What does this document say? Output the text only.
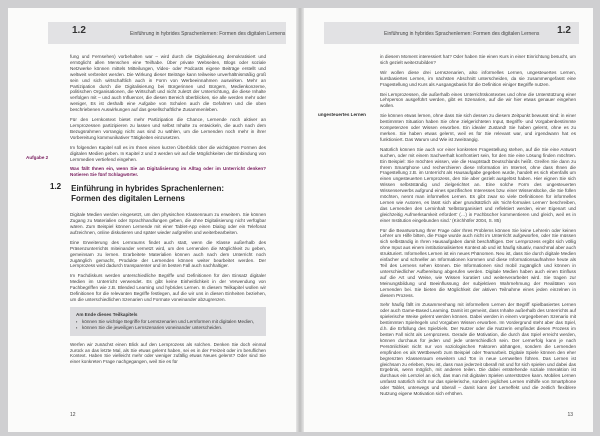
1.2	Einführung in hybrides Sprachenlernen: Formen des digitalen Lernens

fung und Fernsehen) vorbehalten war – wird durch die Digitalisierung demokratisiert und ermöglicht allen Menschen eine Teilhabe. Über private Webseiten, Blogs oder soziale Netzwerke können mittels Mitteilungen, Video- oder Podcasts eigene Beiträge erstellt und weltweit verbreitet werden. Die Wirkung dieser Beiträge kann teilweise unverhältnismäßig groß sein und sich wirtschaftlich auch in Form von Werbeeinnahmen auswirken. Mehr an Partizipation durch die Digitalisierung bei Bürgerinnen und Bürgern, Medienkonzerne, politischen Organisationen, die Wirtschaft und nicht zuletzt der Unterrichtung, die diese Inhalte verfolgen mit – und auch Influencer, die diesen Bereich überblicken, sie alle werden mehr oder weniger, Es ist deshalb eine Aufgabe von Schulen auch die Gefahren und die oben beschriebenen Auswirkungen auf das gesellschaftliche Zusammenleben.

Für den Lernkontext bietet mehr Partizipation die Chance, Lernende noch aktiver an Lernprozessen partizipieren zu lassen und selbst Inhalte zu entwickeln, die auch nach dem Bezugsrahmen vorrangig nicht aus sind zu wählen, um die Lernenden noch mehr in ihrer Vorbereitung kommunikativer Tätigkeiten einzusetzen.

Im folgenden Kapitel soll es im Ihnen einen kurzen Überblick über die wichtigsten Formen des digitalen Medien geben. In Kapitel 2 und 3 werden wir auf die Möglichkeiten der Einbindung von Lernmedien vertiefend eingehen.

Was fällt Ihnen ein, wenn Sie an Digitalisierung im Alltag oder im Unterricht denken? Notieren Sie fünf Schlagwörter.

1.2 Einführung in hybrides Sprachenlernen:
Formen des digitalen Lernens

Digitale Medien werden eingesetzt, um den physischen Klassenraum zu erweitern. Sie können Zugang zu Materialien oder Sprachhandlungen geben, die ohne Digitalisierung nicht verfügbar wären. Zum Beispiel können Lernende mit einer Tablet-App einen Dialog oder ein Telefonat aufzeichnen, online diskutieren und später wieder aufgreifen und weiterbearbeiten.

Eine Erweiterung des Lernraums findet auch statt, wenn die Klasse außerhalb des Präsenzunterrichts miteinander vernetzt wird, um den Lernenden die Möglichkeit zu geben, gemeinsam zu lernen. Erarbeitete Materialien können auch nach dem Unterricht noch zugänglich gemacht, Produkte der Lernenden können weiter bearbeitet werden. Der Lernprozess wird dadurch transparenter und im besten Fall auch nachhaltiger.

Im Fachdiskurs werden unterschiedliche Begriffe und Definitionen für den Einsatz digitaler Medien im Unterricht verwendet. Es gibt keine Einheitlichkeit in der Verwendung von Fachbegriffen wie z.B. Blended Learning und hybrides Lernen. In diesem Teilkapitel wollen wir Definitionen für die relevanten Begriffe festlegen, auf die wir uns in diesen Einheiten beziehen, um die unterschiedlichen Szenarien und Formate voneinander abzugrenzen.

Am Ende dieses Teilkapitels
▪ können Sie wichtige Begriffe für Lernszenarien und Lernformen mit digitalen Medien,
▪ können Sie die jeweiligen Lernszenarien voneinander unterscheiden.

Werfen wir zunächst einen Blick auf den Lernprozess als solchen. Denken Sie doch einmal zurück an das letzte Mal, als Sie etwas gelernt haben, sei es in der Freizeit oder im beruflichen Kontext. Haben Sie vielleicht mehr oder weniger zufällig etwas Neues gelernt? Oder sind Sie einer konkreten Frage nachgegangen, weil Sie es für

Aufgabe 2
12
Einführung in hybrides Sprachenlernen: Formen des digitalen Lernens 1.2

in diesem Moment interessiert hat? Oder haben Sie einen Kurs in einer Einrichtung besucht, um sich gezielt weiterzubilden?

Wir wollen diese drei Lernszenarien, also informelles Lernen, ungesteuertes Lernen, kursbasiertes Lernen, im nächsten Abschnitt unterscheiden, da sie zusammengefasst eine Fragestellung und Kurs als Ausgangsbasis für die Definition einiger Begriffe nutzen.

Bei Lernprozessen, die außerhalb eines Unterrichtskontextes und ohne die Unterstützung einer Lehrperson ausgeführt werden, gibt es Szenarien, auf die wir hier etwas genauer eingehen wollen.

Sie können etwas lernen, ohne dass Sie sich dessen zu diesem Zeitpunkt bewusst sind: in einer bestimmten Situation haben Sie ohne zielgerichteten Input, Begriffs- und Vorgabenbestimmte Kompetenzen oder Wissen erworben. Ein idealer Zustand! Sie haben gelernt, ohne es zu merken. Sie haben etwas gelernt, weil es für Sie relevant war, und irgendwann hat es funktioniert. Das Warum und Wie ist zweitrangig.

Natürlich können Sie auch vor einer konkreten Fragestellung stehen, auf die Sie eine Antwort suchen, oder mit einem Sachverhalt konfrontiert sein, für den Sie eine Lösung finden möchten. Ein Beispiel: Sie möchten wissen, wie die Hauptstadt Deutschlands heißt. Greifen Sie dann zu Ihrem Smartphone und recherchieren diese Information im Internet, ohne dass Ihnen die Fragestellung z.B. im Unterricht als Hausaufgabe gegeben wurde, handelt es sich ebenfalls um einen ungesteuerten Lernprozess, den Sie aber gezielt ausgelöst haben. Hier eignen Sie sich Wissen selbstständig und zielgerichtet an. Eine solche Form des ungesteuerten Wissenserwerbs aufgrund eines spezifischen Interesses bzw. einer Wissenslücke, die Sie füllen möchten, nennt man informelles Lernen. Es gibt zwar so viele Definitionen für informelles Lernen wie Autoren, es lässt sich aber grundsätzlich als 'nicht-formales Lernen' beschreiben, das Lernenden den Lerninhalt 'selbstorganisiert und reflektiert werden, einer Eigenart und gleichzeitig Aufmerksamkeit erfordert' (…) in Fachbücher kommentieren und gleich, weil es in einer Institution eingebunden sind.' (Kirchhöfer 2004, S. 85)

Für die Beantwortung Ihrer Frage oder Ihres Problems können Sie keine Lehrerin oder keinen Lehrer um Hilfe bitten, die Frage wurde auch nicht im Unterricht aufgeworfen, oder Sie müssen sich selbständig in Ihren Hausaufgaben damit beschäftigen. Der Lernprozess ergibt sich völlig ohne Input aus einem institutionalisierten Kontext ab und ist häufig situativ, manchmal aber auch strukturiert. Informelles Lernen ist ein neues Phänomen. Neu ist, dass Sie durch digitale Medien einfacher und schneller an Informationen kommen und diese Informationsaufnahme heute als Teil des Lernens sehen können. Die Informationen sind mobil zugänglich und können in unterschiedlicher Aufbereitung abgerufen werden. Digitale Medien haben auch einen Einfluss auf die Art und Weise, wie Wissen kuratiert und weiterverarbeitet wird. Sie tragen zur Meinungsbildung und Beeinflussung der subjektiven Wahrnehmung der Realitäten von Lernenden bei. Sie bieten die Möglichkeit der aktiven Teilnahme eines jeden einzelnen in diesem Prozess.

Sehr häufig fällt im Zusammenhang mit informellem Lernen der Begriff spielbasiertes Lernen oder auch Game-Based Learning. Damit ist gemeint, dass Inhalte außerhalb des Unterrichts auf spielerische Weise gelernt werden können. Dabei werden in einem vorgegebenen Szenario mit bestimmten Spielregeln und Vorgaben Wissen erworben. Im Vordergrund steht aber das Spiel, d.h. die Erfüllung des Spielziels. Der Nutzer oder die Nutzerin empfindet diesen Prozess im besten Fall nicht als Lernprozess. Gerade die Motivation, die durch das Spiel erreicht werden, können durchaus für jeden und jede unterschiedlich sein. Der Lernerfolg kann je nach Persönlichkeit nicht nur von soziologischen Faktoren abhängen, sondern die Lernenden empfinden es als Wettbewerb zum Beispiel oder Teamarbeit. Digitale Spiele können den eher begrenzten Klassenraum erweitern und Ton in neue Lernwelten führen. Das Lernen ist gleichsam zu erleben, Neu ist, dass man jederzeit überall mit und für sich spielen und dabei das Ergebnis, wenn möglich, mit anderen teilen. Die dabei entstehende soziale Interaktion ist durchaus ein Lernziel an sich, das man mit digitalen Spielen unterstützen kann. Mobiles Lernen umfasst natürlich nicht nur das spielerische, sondern jegliches Lernen mithilfe von Smartphone oder Tablet, unterwegs und überall – damit kann der Lerneffekt und die zeitlich flexiblere Nutzung eigene Motivation sich erhöhen.

ungesteuertes Lernen
13
